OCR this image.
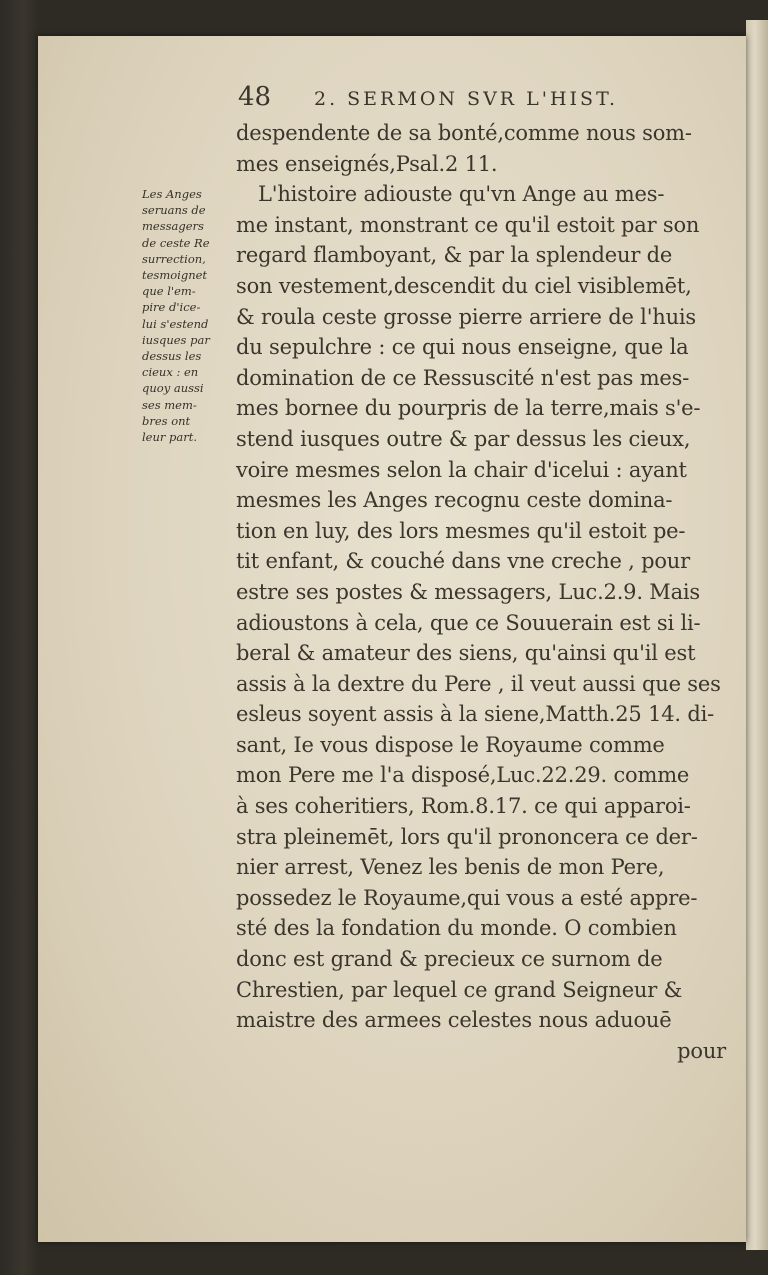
48 2. SERMON SVR L'HIST.
Les Anges
seruans de
messagers
de ceste Re
surrection,
tesmoignet
que l'em-
pire d'ice-
lui s'estend
iusques par
dessus les
cieux : en
quoy aussi
ses mem-
bres ont
leur part.
despendente de sa bonté,comme nous som-
mes enseignés,Psal.2 11.
L'histoire adiouste qu'vn Ange au mes-
me instant, monstrant ce qu'il estoit par son
regard flamboyant, & par la splendeur de
son vestement,descendit du ciel visiblemēt,
& roula ceste grosse pierre arriere de l'huis
du sepulchre : ce qui nous enseigne, que la
domination de ce Ressuscité n'est pas mes-
mes bornee du pourpris de la terre,mais s'e-
stend iusques outre & par dessus les cieux,
voire mesmes selon la chair d'icelui : ayant
mesmes les Anges recognu ceste domina-
tion en luy, des lors mesmes qu'il estoit pe-
tit enfant, & couché dans vne creche , pour
estre ses postes & messagers, Luc.2.9. Mais
adioustons à cela, que ce Souuerain est si li-
beral & amateur des siens, qu'ainsi qu'il est
assis à la dextre du Pere , il veut aussi que ses
esleus soyent assis à la siene,Matth.25 14. di-
sant, Ie vous dispose le Royaume comme
mon Pere me l'a disposé,Luc.22.29. comme
à ses coheritiers, Rom.8.17. ce qui apparoi-
stra pleinemēt, lors qu'il prononcera ce der-
nier arrest, Venez les benis de mon Pere,
possedez le Royaume,qui vous a esté appre-
sté des la fondation du monde. O combien
donc est grand & precieux ce surnom de
Chrestien, par lequel ce grand Seigneur &
maistre des armees celestes nous aduouē
pour
